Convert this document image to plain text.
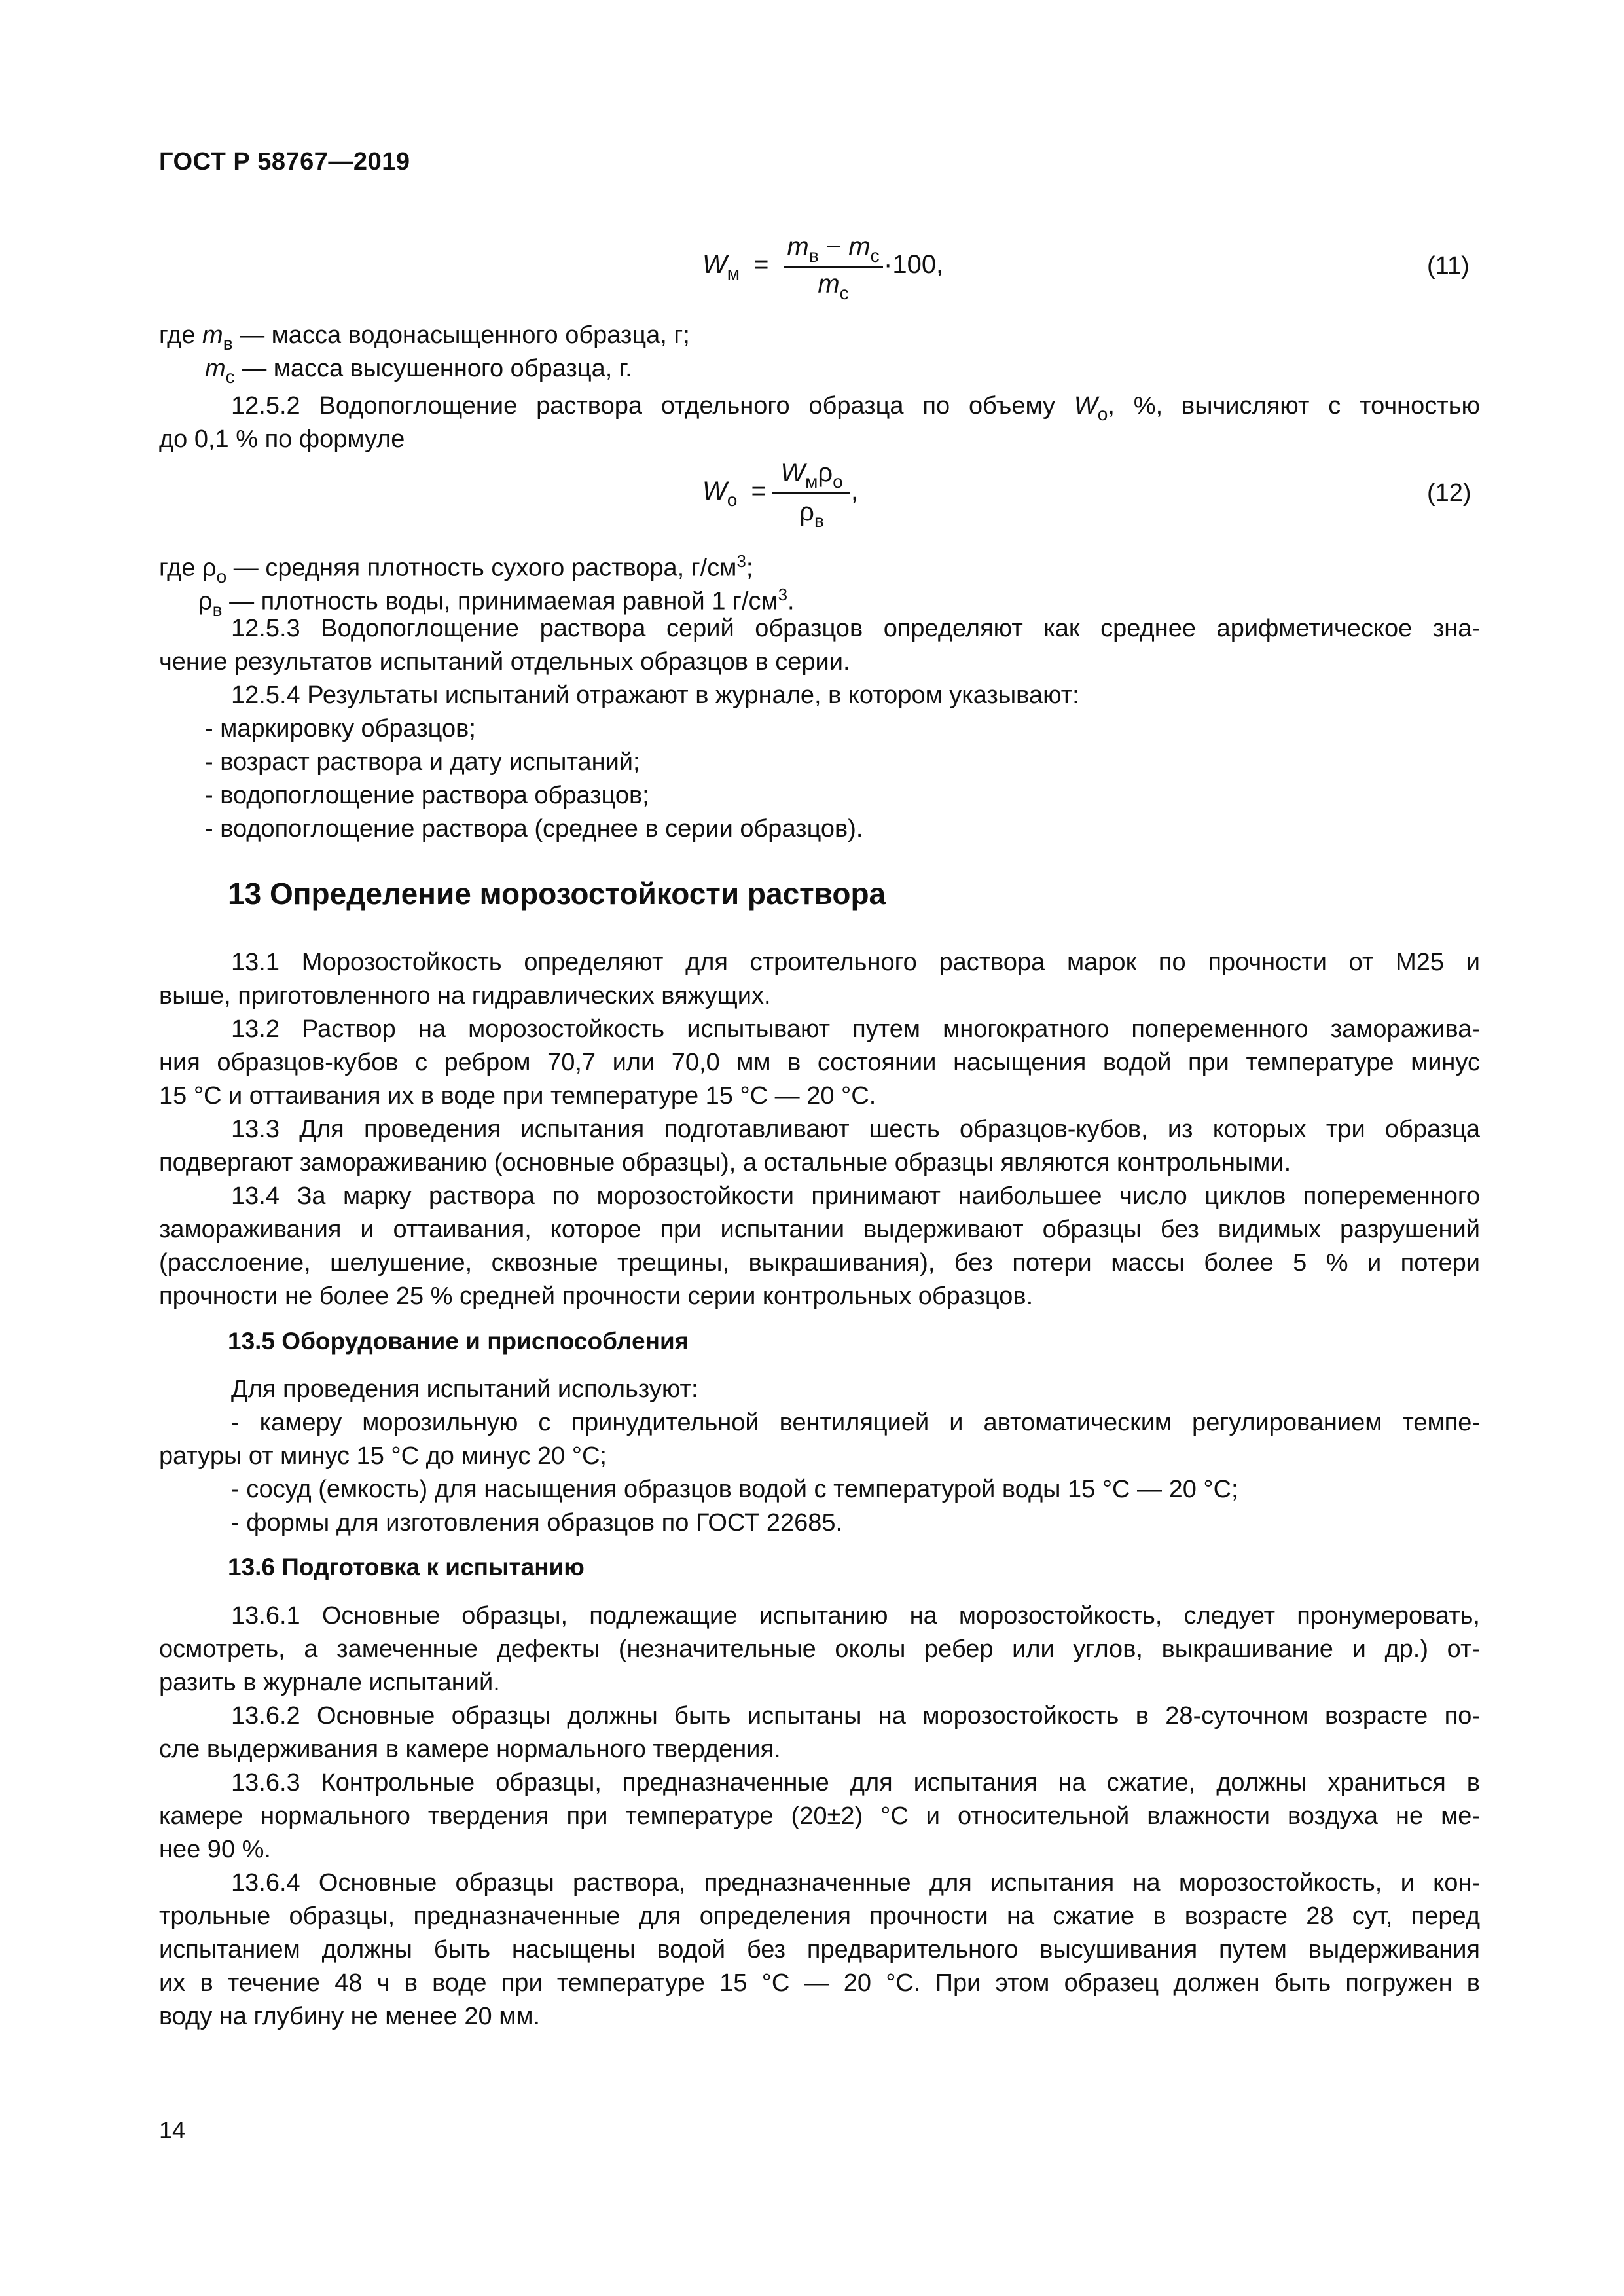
ГОСТ Р 58767—2019
$W_м$ =
$m_в - m_с$
$m_с$
·100,	(11)
где $m_в$ — масса водонасыщенного образца, г;
$m_с$ — масса высушенного образца, г.
12.5.2 Водопоглощение раствора отдельного образца по объему $W_о$, %, вычисляют с точностью
до 0,1 % по формуле
$W_о$ =
$W_м\rho_о$
$\rho_в$
,	(12)
где $\rho_о$ — средняя плотность сухого раствора, $г/см^3$;
$\rho_в$ — плотность воды, принимаемая равной 1 $г/см^3$.
12.5.3 Водопоглощение раствора серий образцов определяют как среднее арифметическое зна-
чение результатов испытаний отдельных образцов в серии.
12.5.4 Результаты испытаний отражают в журнале, в котором указывают:
- маркировку образцов;
- возраст раствора и дату испытаний;
- водопоглощение раствора образцов;
- водопоглощение раствора (среднее в серии образцов).
13 Определение морозостойкости раствора
13.1 Морозостойкость определяют для строительного раствора марок по прочности от М25 и
выше, приготовленного на гидравлических вяжущих.
13.2 Раствор на морозостойкость испытывают путем многократного попеременного заморажива-
ния образцов-кубов с ребром 70,7 или 70,0 мм в состоянии насыщения водой при температуре минус
15 °С и оттаивания их в воде при температуре 15 °С — 20 °С.
13.3 Для проведения испытания подготавливают шесть образцов-кубов, из которых три образца
подвергают замораживанию (основные образцы), а остальные образцы являются контрольными.
13.4 За марку раствора по морозостойкости принимают наибольшее число циклов попеременного
замораживания и оттаивания, которое при испытании выдерживают образцы без видимых разрушений
(расслоение, шелушение, сквозные трещины, выкрашивания), без потери массы более 5 % и потери
прочности не более 25 % средней прочности серии контрольных образцов.
13.5 Оборудование и приспособления
Для проведения испытаний используют:
- камеру морозильную с принудительной вентиляцией и автоматическим регулированием темпе-
ратуры от минус 15 °С до минус 20 °С;
- сосуд (емкость) для насыщения образцов водой с температурой воды 15 °С — 20 °С;
- формы для изготовления образцов по ГОСТ 22685.
13.6 Подготовка к испытанию
13.6.1 Основные образцы, подлежащие испытанию на морозостойкость, следует пронумеровать,
осмотреть, а замеченные дефекты (незначительные околы ребер или углов, выкрашивание и др.) от-
разить в журнале испытаний.
13.6.2 Основные образцы должны быть испытаны на морозостойкость в 28-суточном возрасте по-
сле выдерживания в камере нормального твердения.
13.6.3 Контрольные образцы, предназначенные для испытания на сжатие, должны храниться в
камере нормального твердения при температуре (20±2) °С и относительной влажности воздуха не ме-
нее 90 %.
13.6.4 Основные образцы раствора, предназначенные для испытания на морозостойкость, и кон-
трольные образцы, предназначенные для определения прочности на сжатие в возрасте 28 сут, перед
испытанием должны быть насыщены водой без предварительного высушивания путем выдерживания
их в течение 48 ч в воде при температуре 15 °С — 20 °С. При этом образец должен быть погружен в
воду на глубину не менее 20 мм.
14
